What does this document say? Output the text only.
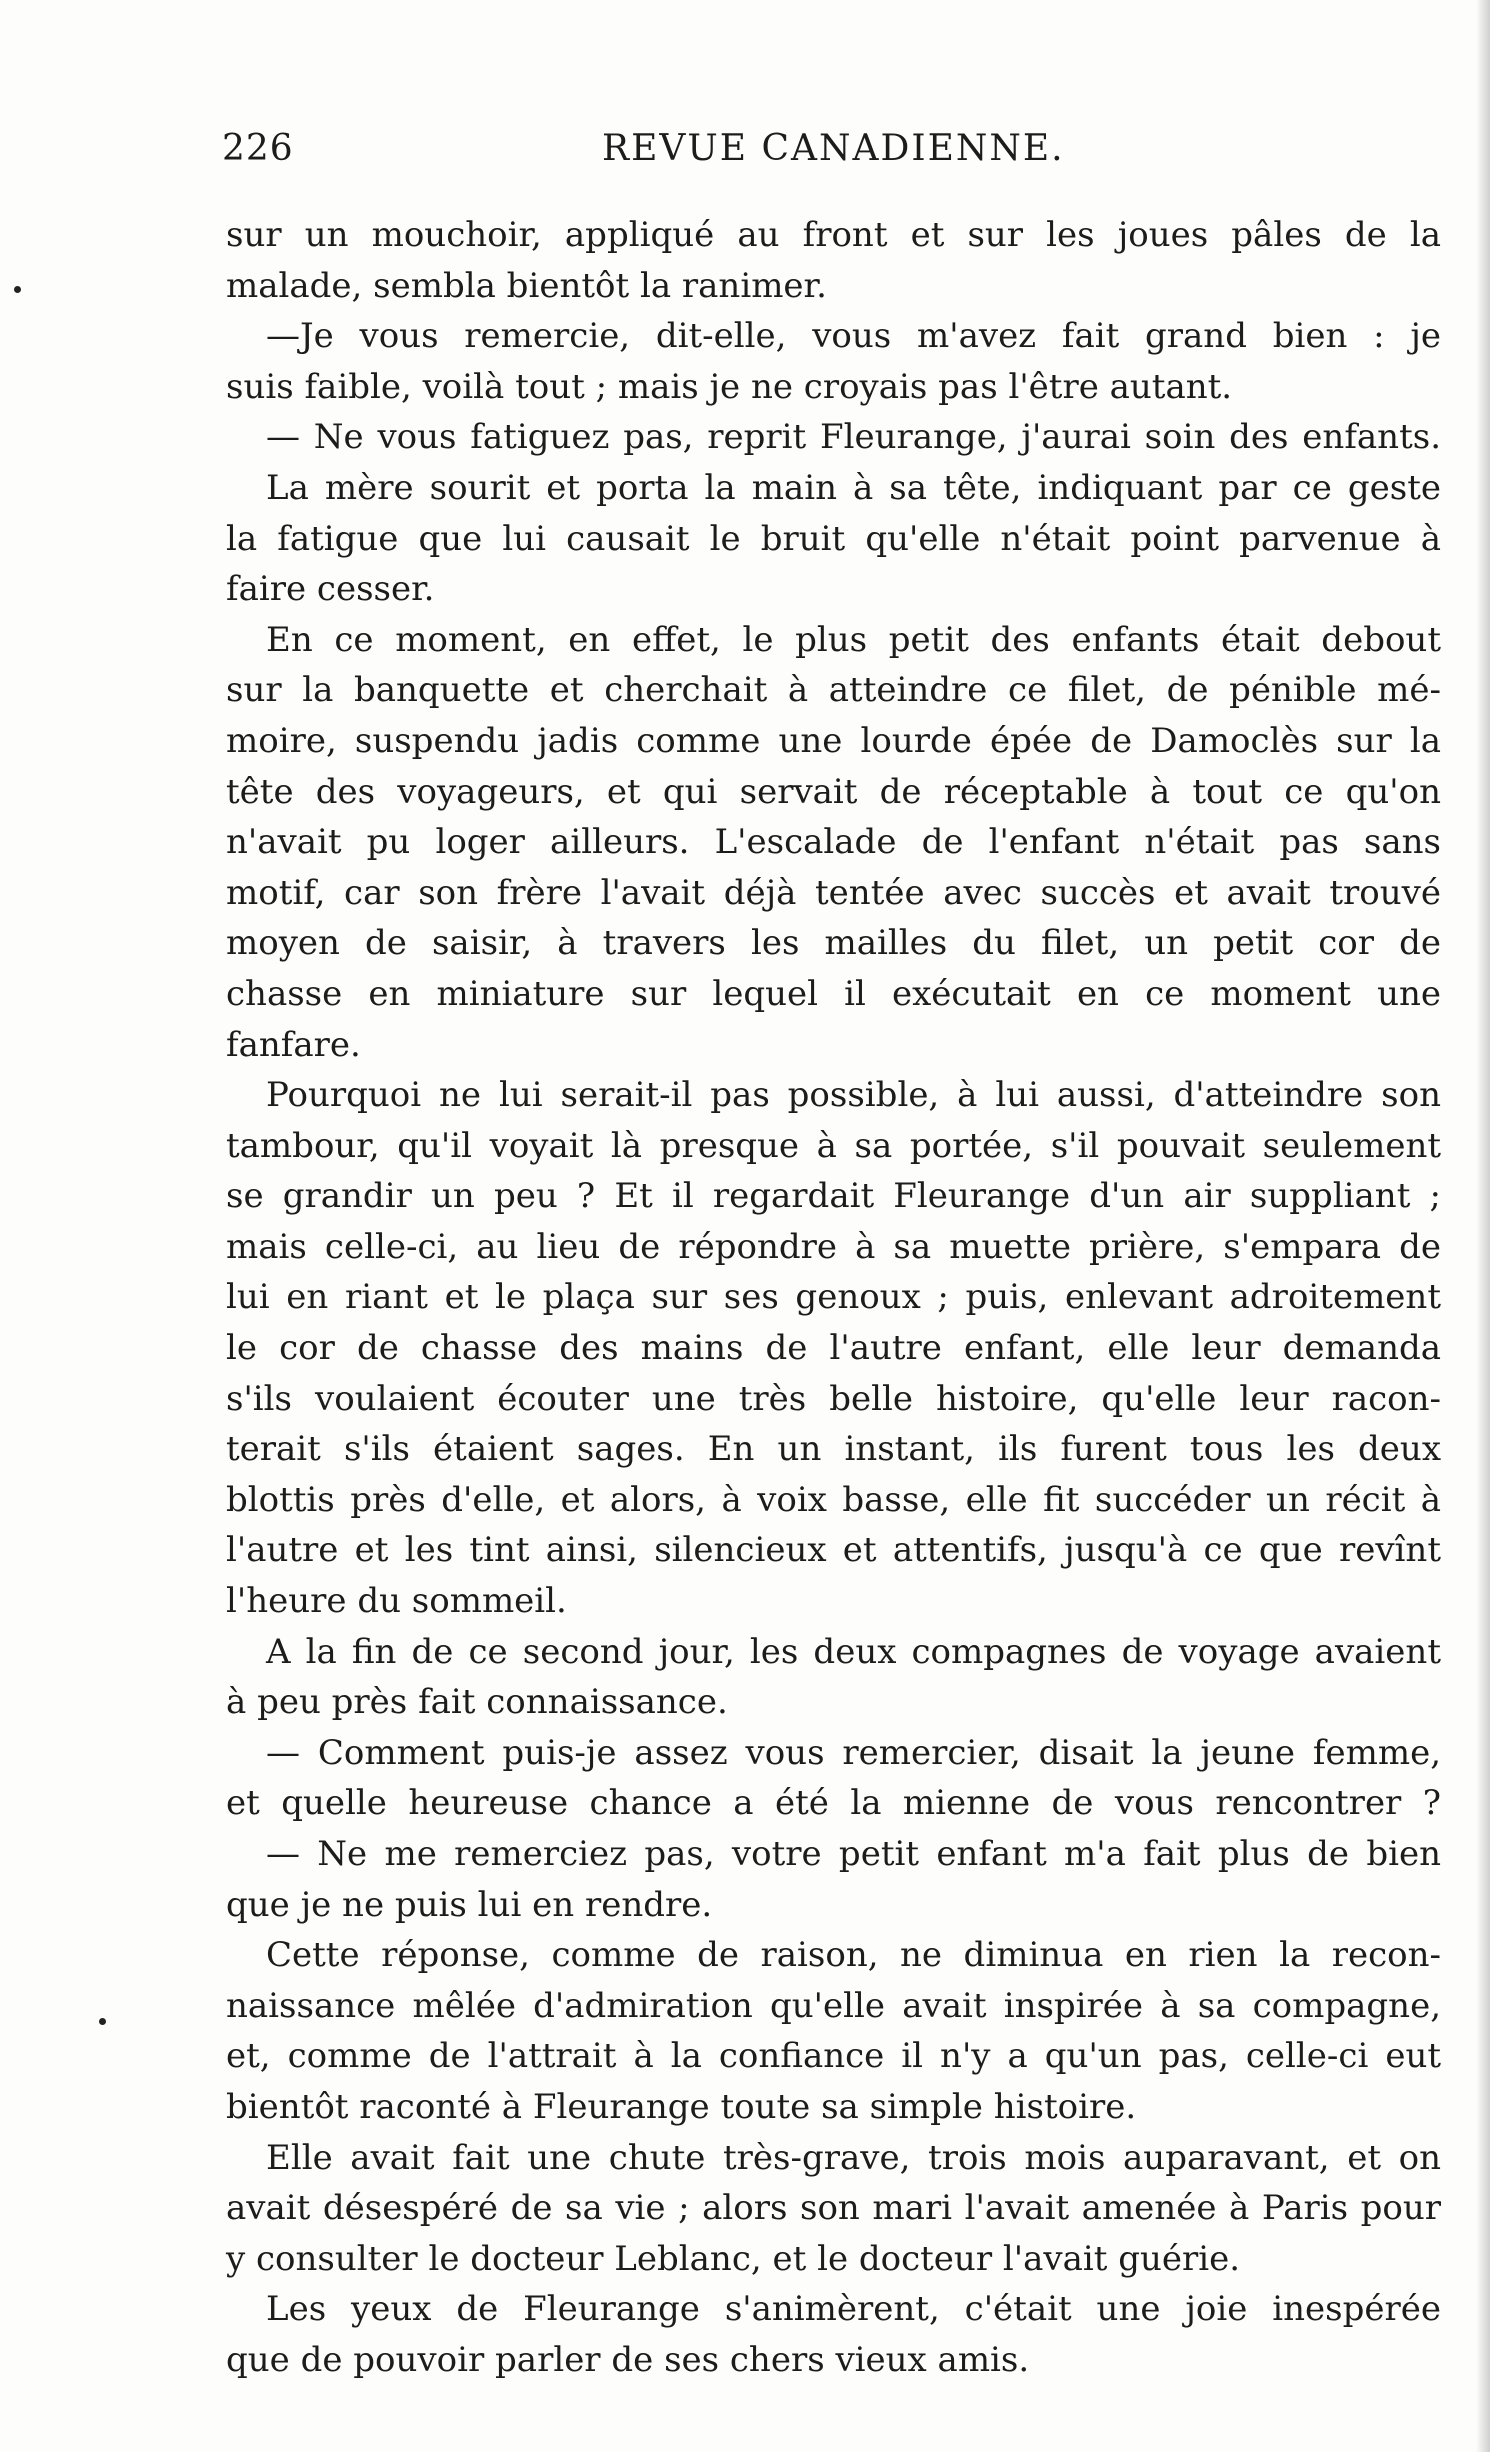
226	REVUE CANADIENNE.
sur un mouchoir, appliqué au front et sur les joues pâles de la
malade, sembla bientôt la ranimer.
—Je vous remercie, dit-elle, vous m'avez fait grand bien : je
suis faible, voilà tout ; mais je ne croyais pas l'être autant.
— Ne vous fatiguez pas, reprit Fleurange, j'aurai soin des enfants.
La mère sourit et porta la main à sa tête, indiquant par ce geste
la fatigue que lui causait le bruit qu'elle n'était point parvenue à
faire cesser.
En ce moment, en effet, le plus petit des enfants était debout
sur la banquette et cherchait à atteindre ce filet, de pénible mé-
moire, suspendu jadis comme une lourde épée de Damoclès sur la
tête des voyageurs, et qui servait de réceptable à tout ce qu'on
n'avait pu loger ailleurs. L'escalade de l'enfant n'était pas sans
motif, car son frère l'avait déjà tentée avec succès et avait trouvé
moyen de saisir, à travers les mailles du filet, un petit cor de
chasse en miniature sur lequel il exécutait en ce moment une
fanfare.
Pourquoi ne lui serait-il pas possible, à lui aussi, d'atteindre son
tambour, qu'il voyait là presque à sa portée, s'il pouvait seulement
se grandir un peu ? Et il regardait Fleurange d'un air suppliant ;
mais celle-ci, au lieu de répondre à sa muette prière, s'empara de
lui en riant et le plaça sur ses genoux ; puis, enlevant adroitement
le cor de chasse des mains de l'autre enfant, elle leur demanda
s'ils voulaient écouter une très belle histoire, qu'elle leur racon-
terait s'ils étaient sages. En un instant, ils furent tous les deux
blottis près d'elle, et alors, à voix basse, elle fit succéder un récit à
l'autre et les tint ainsi, silencieux et attentifs, jusqu'à ce que revînt
l'heure du sommeil.
A la fin de ce second jour, les deux compagnes de voyage avaient
à peu près fait connaissance.
— Comment puis-je assez vous remercier, disait la jeune femme,
et quelle heureuse chance a été la mienne de vous rencontrer ?
— Ne me remerciez pas, votre petit enfant m'a fait plus de bien
que je ne puis lui en rendre.
Cette réponse, comme de raison, ne diminua en rien la recon-
naissance mêlée d'admiration qu'elle avait inspirée à sa compagne,
et, comme de l'attrait à la confiance il n'y a qu'un pas, celle-ci eut
bientôt raconté à Fleurange toute sa simple histoire.
Elle avait fait une chute très-grave, trois mois auparavant, et on
avait désespéré de sa vie ; alors son mari l'avait amenée à Paris pour
y consulter le docteur Leblanc, et le docteur l'avait guérie.
Les yeux de Fleurange s'animèrent, c'était une joie inespérée
que de pouvoir parler de ses chers vieux amis.
